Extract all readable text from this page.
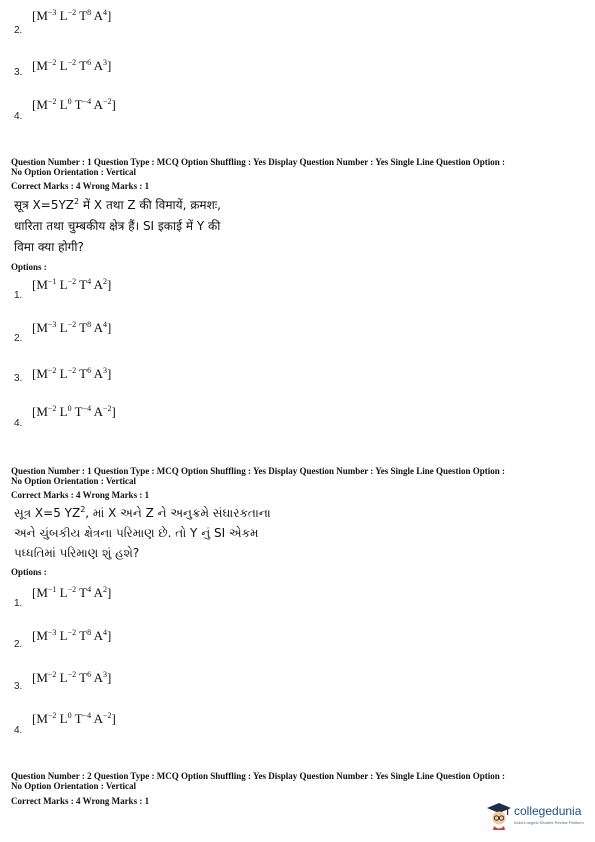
[$M^{-3}$ $L^{-2}$ $T^8$ $A^4$]
2.
[$M^{-2}$ $L^{-2}$ $T^6$ $A^3$]
3.
[$M^{-2}$ $L^0$ $T^{-4}$ $A^{-2}$]
4.
Question Number : 1 Question Type : MCQ Option Shuffling : Yes Display Question Number : Yes Single Line Question Option :
No Option Orientation : Vertical
Correct Marks : 4 Wrong Marks : 1
सूत्र $X=5YZ^2$ में X तथा Z की विमायें, क्रमशः,
धारिता तथा चुम्बकीय क्षेत्र हैं। SI इकाई में Y की
विमा क्या होगी?
Options :
[$M^{-1}$ $L^{-2}$ $T^4$ $A^2$]
1.
[$M^{-3}$ $L^{-2}$ $T^8$ $A^4$]
2.
[$M^{-2}$ $L^{-2}$ $T^6$ $A^3$]
3.
[$M^{-2}$ $L^0$ $T^{-4}$ $A^{-2}$]
4.
Question Number : 1 Question Type : MCQ Option Shuffling : Yes Display Question Number : Yes Single Line Question Option :
No Option Orientation : Vertical
Correct Marks : 4 Wrong Marks : 1
સૂત્ર X=5 $YZ^2$, માં X અને Z ને અનુક્રમે સંઘારકતાના
અને ચુંબકીય ક્ષેત્રના પરિમાણ છે. તો Y નું SI એકમ
પધ્ધતિમાં પરિમાણ શું હશે?
Options :
[$M^{-1}$ $L^{-2}$ $T^4$ $A^2$]
1.
[$M^{-3}$ $L^{-2}$ $T^8$ $A^4$]
2.
[$M^{-2}$ $L^{-2}$ $T^6$ $A^3$]
3.
[$M^{-2}$ $L^0$ $T^{-4}$ $A^{-2}$]
4.
Question Number : 2 Question Type : MCQ Option Shuffling : Yes Display Question Number : Yes Single Line Question Option :
No Option Orientation : Vertical
Correct Marks : 4 Wrong Marks : 1
collegedunia
India's largest Student Review Platform
